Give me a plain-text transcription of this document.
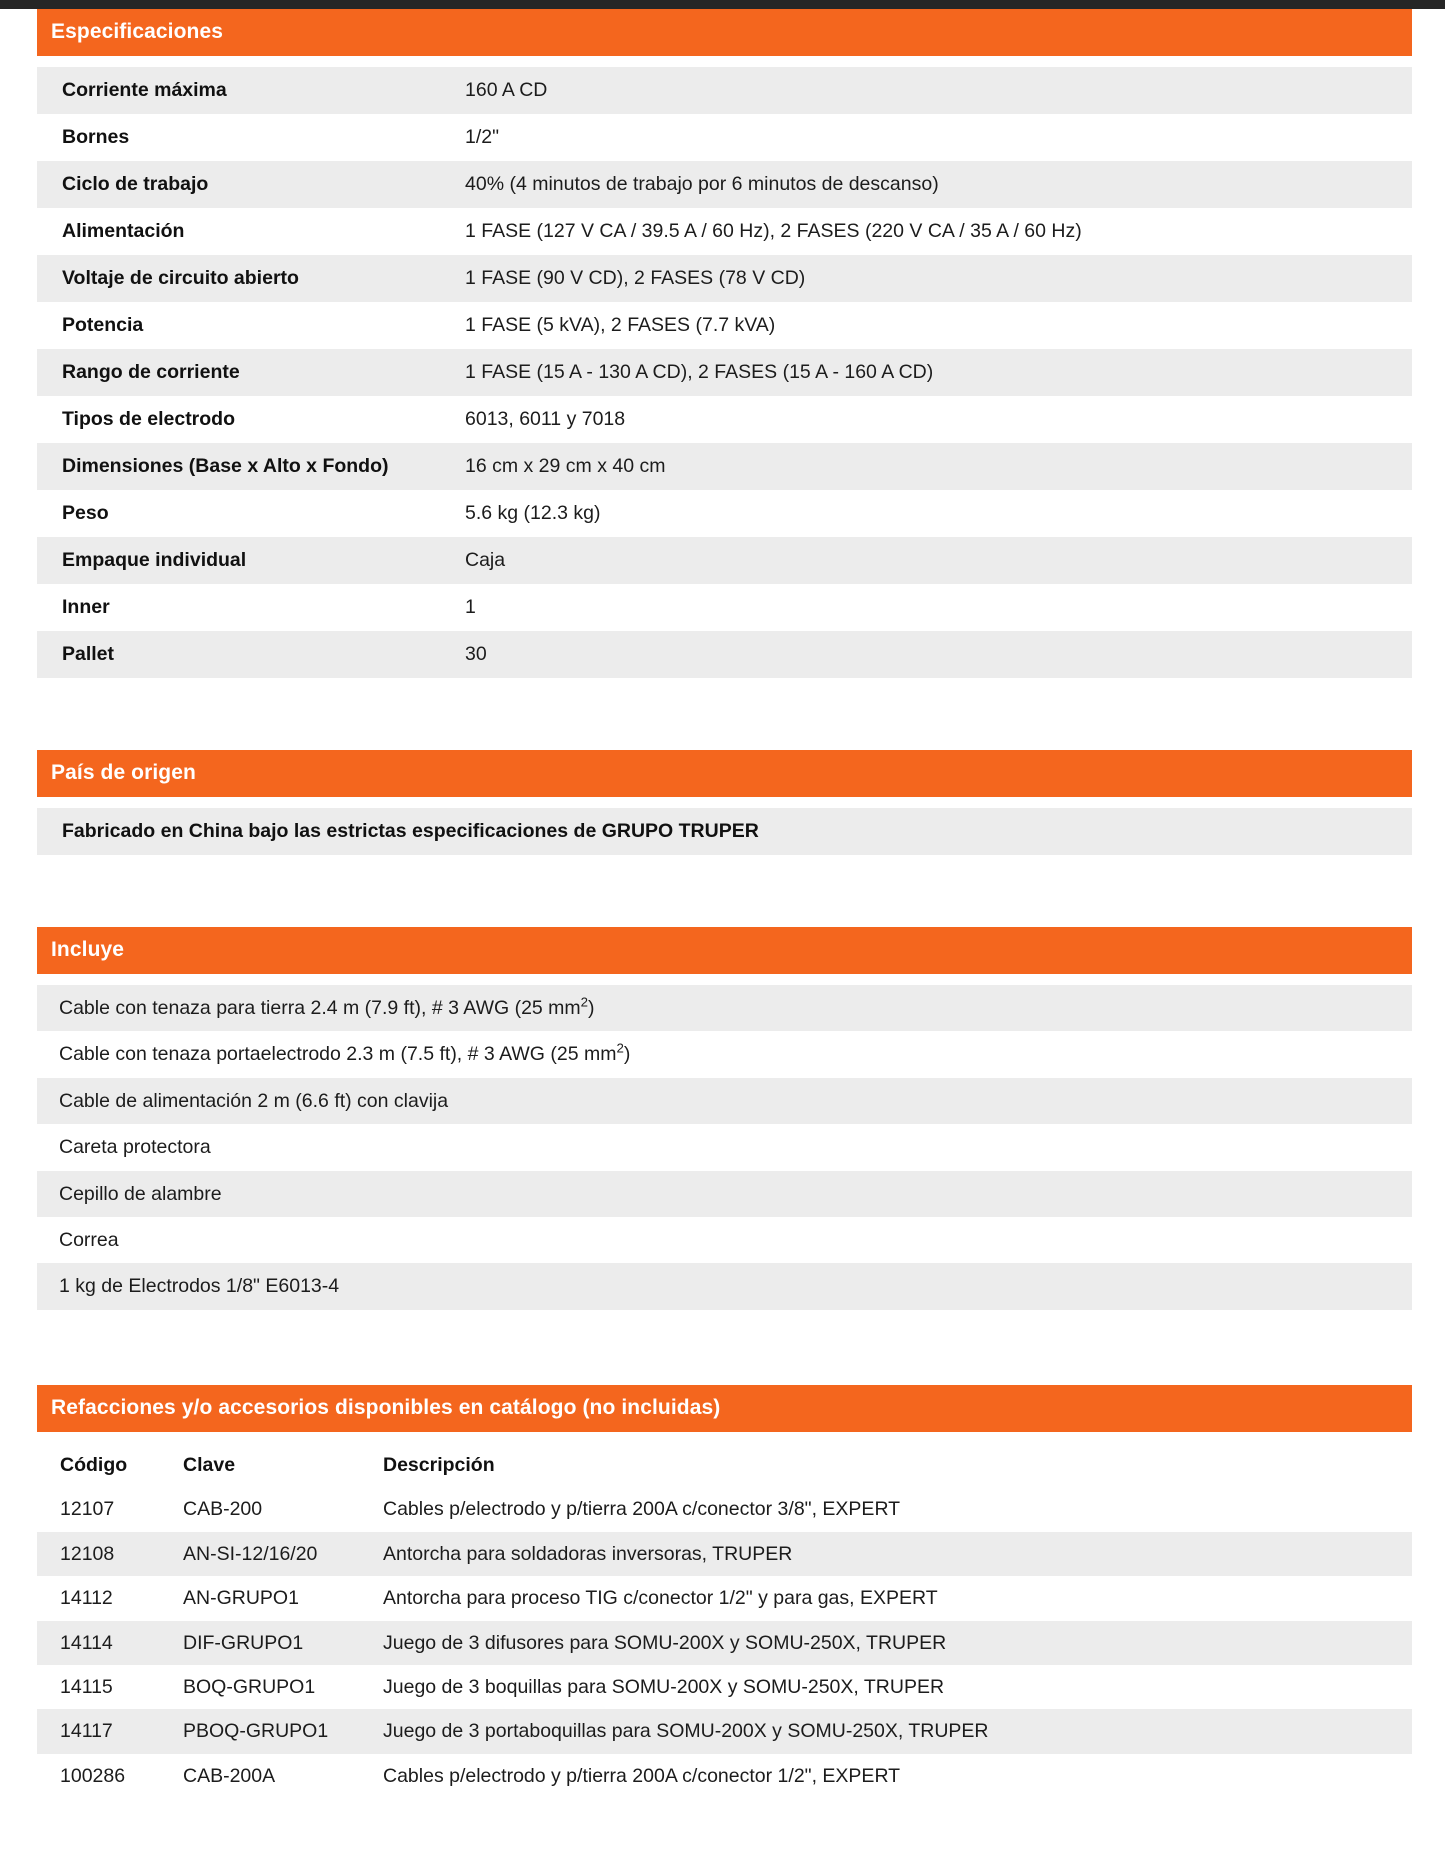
Especificaciones
Corriente máxima	160 A CD
Bornes	1/2"
Ciclo de trabajo	40% (4 minutos de trabajo por 6 minutos de descanso)
Alimentación	1 FASE (127 V CA / 39.5 A / 60 Hz), 2 FASES (220 V CA / 35 A / 60 Hz)
Voltaje de circuito abierto	1 FASE (90 V CD), 2 FASES (78 V CD)
Potencia	1 FASE (5 kVA), 2 FASES (7.7 kVA)
Rango de corriente	1 FASE (15 A - 130 A CD), 2 FASES (15 A - 160 A CD)
Tipos de electrodo	6013, 6011 y 7018
Dimensiones (Base x Alto x Fondo)	16 cm x 29 cm x 40 cm
Peso	5.6 kg (12.3 kg)
Empaque individual	Caja
Inner	1
Pallet	30
País de origen
Fabricado en China bajo las estrictas especificaciones de GRUPO TRUPER
Incluye
Cable con tenaza para tierra 2.4 m (7.9 ft), # 3 AWG (25 $mm^2$)
Cable con tenaza portaelectrodo 2.3 m (7.5 ft), # 3 AWG (25 $mm^2$)
Cable de alimentación 2 m (6.6 ft) con clavija
Careta protectora
Cepillo de alambre
Correa
1 kg de Electrodos 1/8" E6013-4
Refacciones y/o accesorios disponibles en catálogo (no incluidas)
Código	Clave	Descripción
12107	CAB-200	Cables p/electrodo y p/tierra 200A c/conector 3/8", EXPERT
12108	AN-SI-12/16/20	Antorcha para soldadoras inversoras, TRUPER
14112	AN-GRUPO1	Antorcha para proceso TIG c/conector 1/2" y para gas, EXPERT
14114	DIF-GRUPO1	Juego de 3 difusores para SOMU-200X y SOMU-250X, TRUPER
14115	BOQ-GRUPO1	Juego de 3 boquillas para SOMU-200X y SOMU-250X, TRUPER
14117	PBOQ-GRUPO1	Juego de 3 portaboquillas para SOMU-200X y SOMU-250X, TRUPER
100286	CAB-200A	Cables p/electrodo y p/tierra 200A c/conector 1/2", EXPERT
